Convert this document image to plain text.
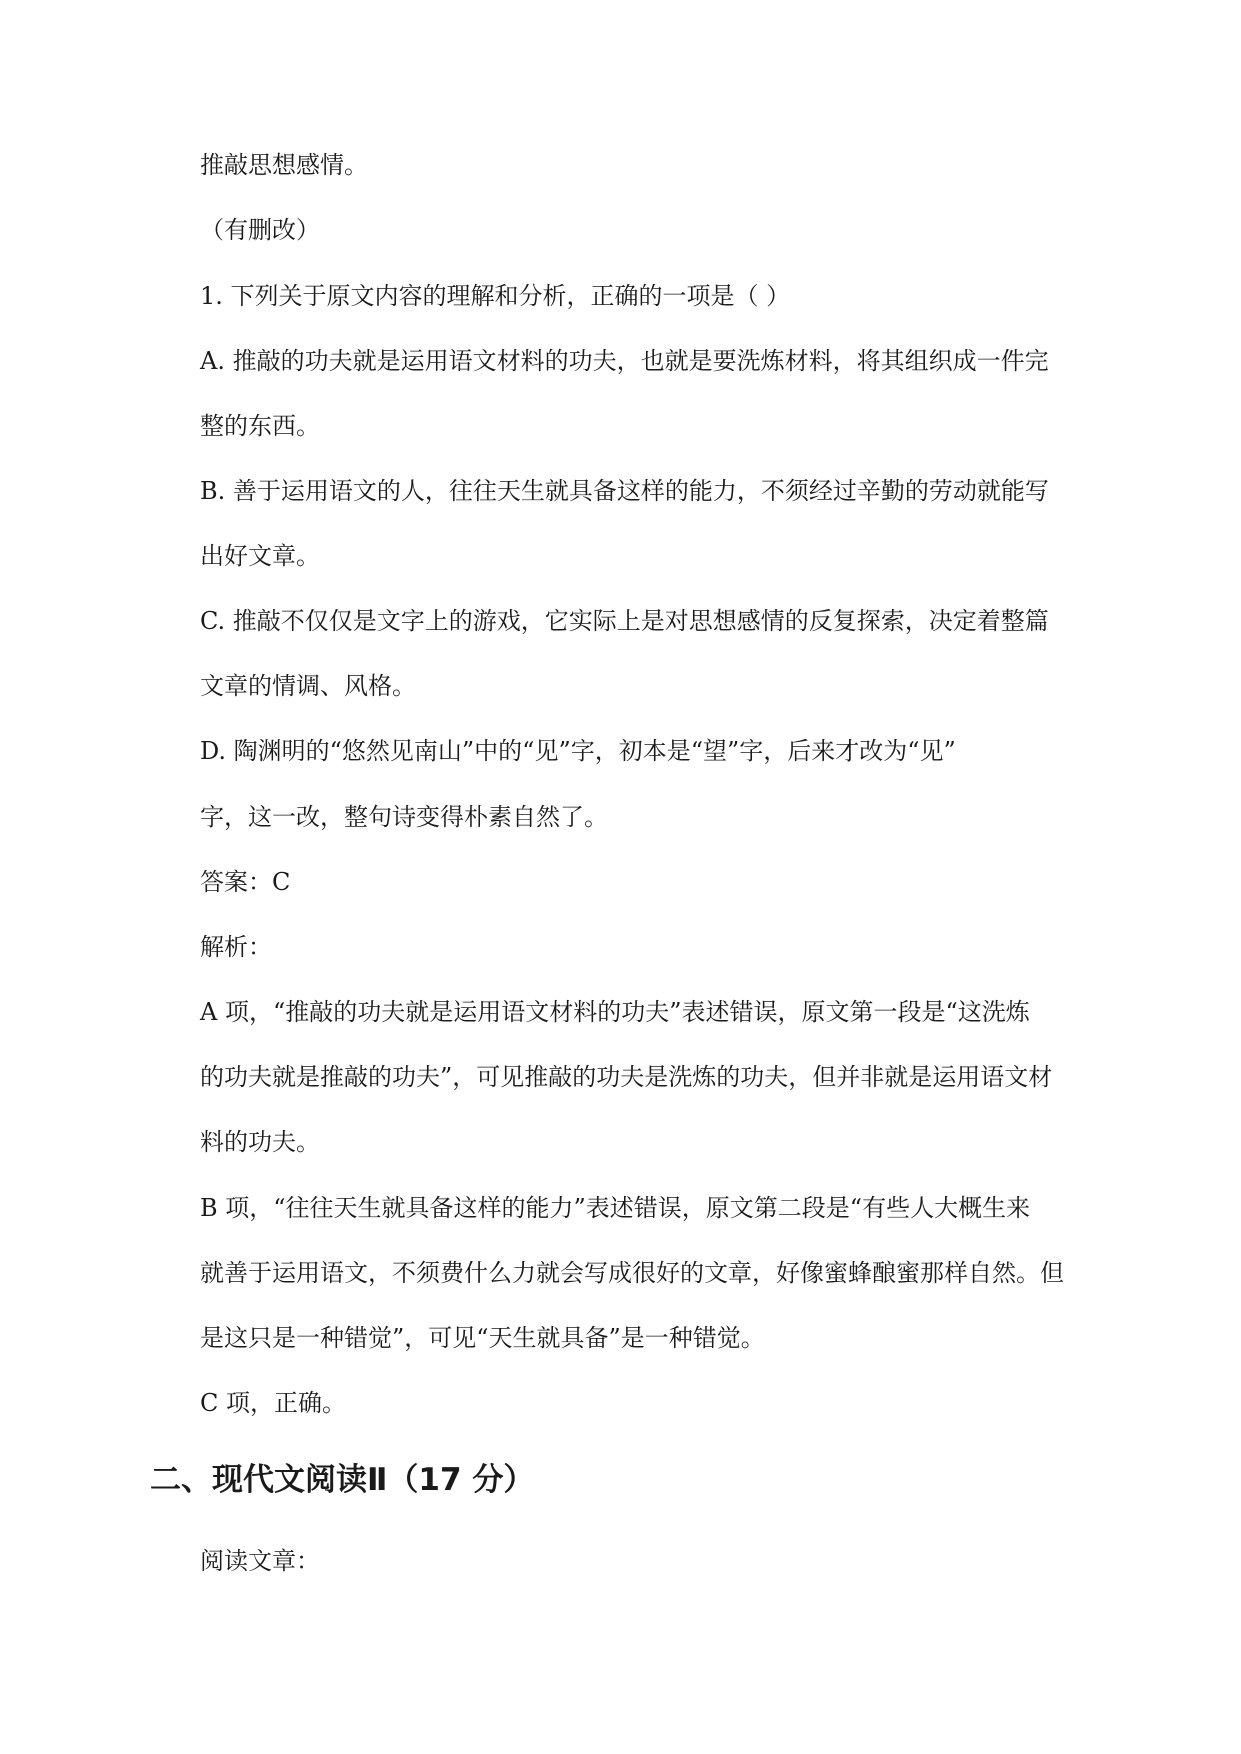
推敲思想感情。
（有删改）
1. 下列关于原文内容的理解和分析，正确的一项是（ ）
A. 推敲的功夫就是运用语文材料的功夫，也就是要洗炼材料，将其组织成一件完
整的东西。
B. 善于运用语文的人，往往天生就具备这样的能力，不须经过辛勤的劳动就能写
出好文章。
C. 推敲不仅仅是文字上的游戏，它实际上是对思想感情的反复探索，决定着整篇
文章的情调、风格。
D. 陶渊明的“悠然见南山”中的“见”字，初本是“望”字，后来才改为“见”
字，这一改，整句诗变得朴素自然了。
答案：C
解析：
A 项，“推敲的功夫就是运用语文材料的功夫”表述错误，原文第一段是“这洗炼
的功夫就是推敲的功夫”，可见推敲的功夫是洗炼的功夫，但并非就是运用语文材
料的功夫。
B 项，“往往天生就具备这样的能力”表述错误，原文第二段是“有些人大概生来
就善于运用语文，不须费什么力就会写成很好的文章，好像蜜蜂酿蜜那样自然。但
是这只是一种错觉”，可见“天生就具备”是一种错觉。
C 项，正确。
二、现代文阅读Ⅱ（17 分）
阅读文章：
